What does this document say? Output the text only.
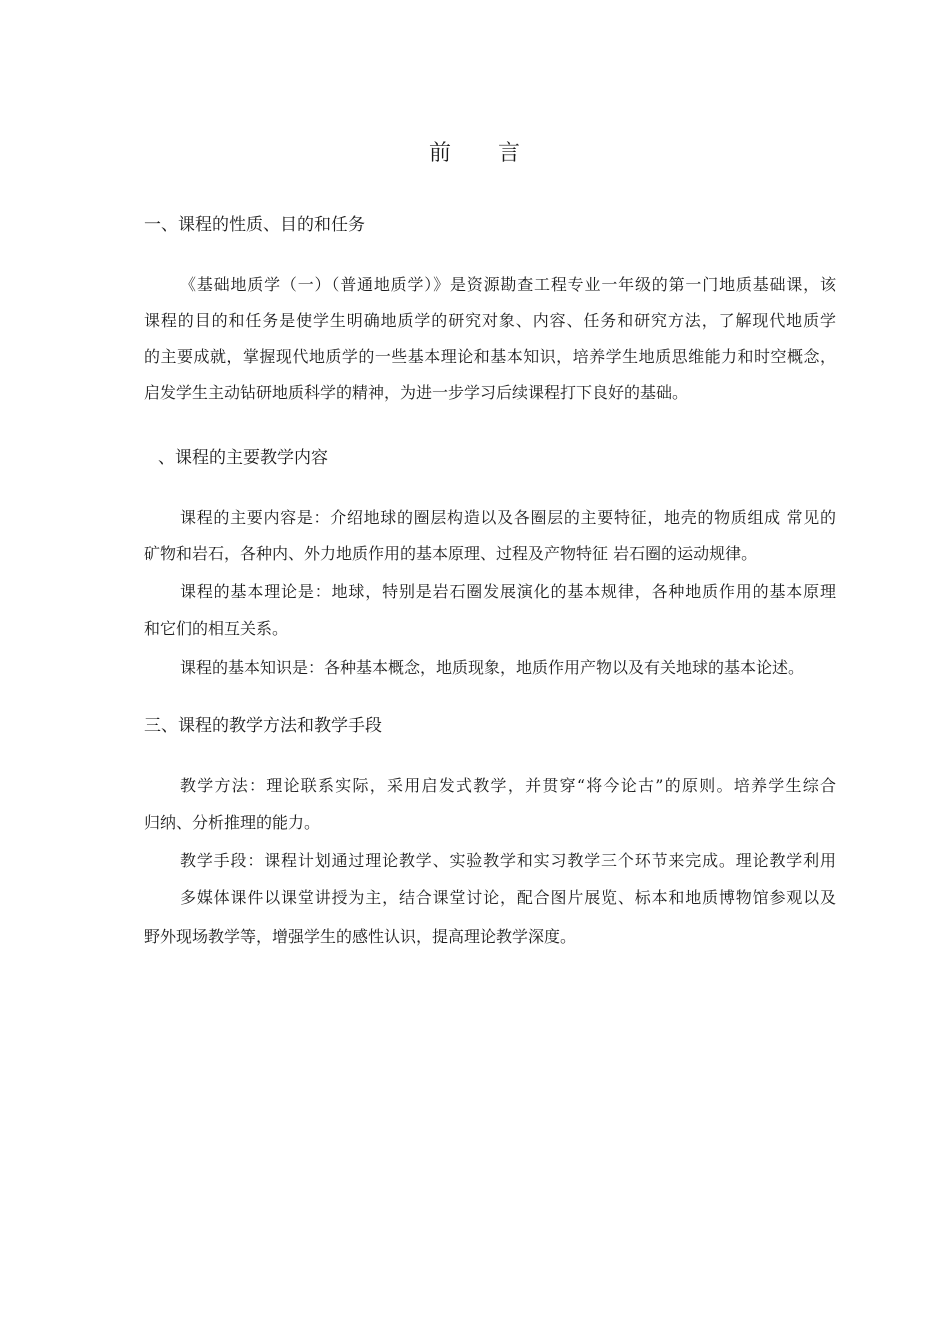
前　　言
一、课程的性质、目的和任务
《基础地质学（一）（普通地质学）》是资源勘查工程专业一年级的第一门地质基础课，该
课程的目的和任务是使学生明确地质学的研究对象、内容、任务和研究方法，了解现代地质学
的主要成就，掌握现代地质学的一些基本理论和基本知识，培养学生地质思维能力和时空概念，
启发学生主动钻研地质科学的精神，为进一步学习后续课程打下良好的基础。
、课程的主要教学内容
课程的主要内容是：介绍地球的圈层构造以及各圈层的主要特征，地壳的物质组成 常见的
矿物和岩石，各种内、外力地质作用的基本原理、过程及产物特征 岩石圈的运动规律。
课程的基本理论是：地球，特别是岩石圈发展演化的基本规律，各种地质作用的基本原理
和它们的相互关系。
课程的基本知识是：各种基本概念，地质现象，地质作用产物以及有关地球的基本论述。
三、课程的教学方法和教学手段
教学方法：理论联系实际，采用启发式教学，并贯穿“将今论古”的原则。培养学生综合
归纳、分析推理的能力。
教学手段：课程计划通过理论教学、实验教学和实习教学三个环节来完成。理论教学利用
多媒体课件以课堂讲授为主，结合课堂讨论，配合图片展览、标本和地质博物馆参观以及
野外现场教学等，增强学生的感性认识，提高理论教学深度。
